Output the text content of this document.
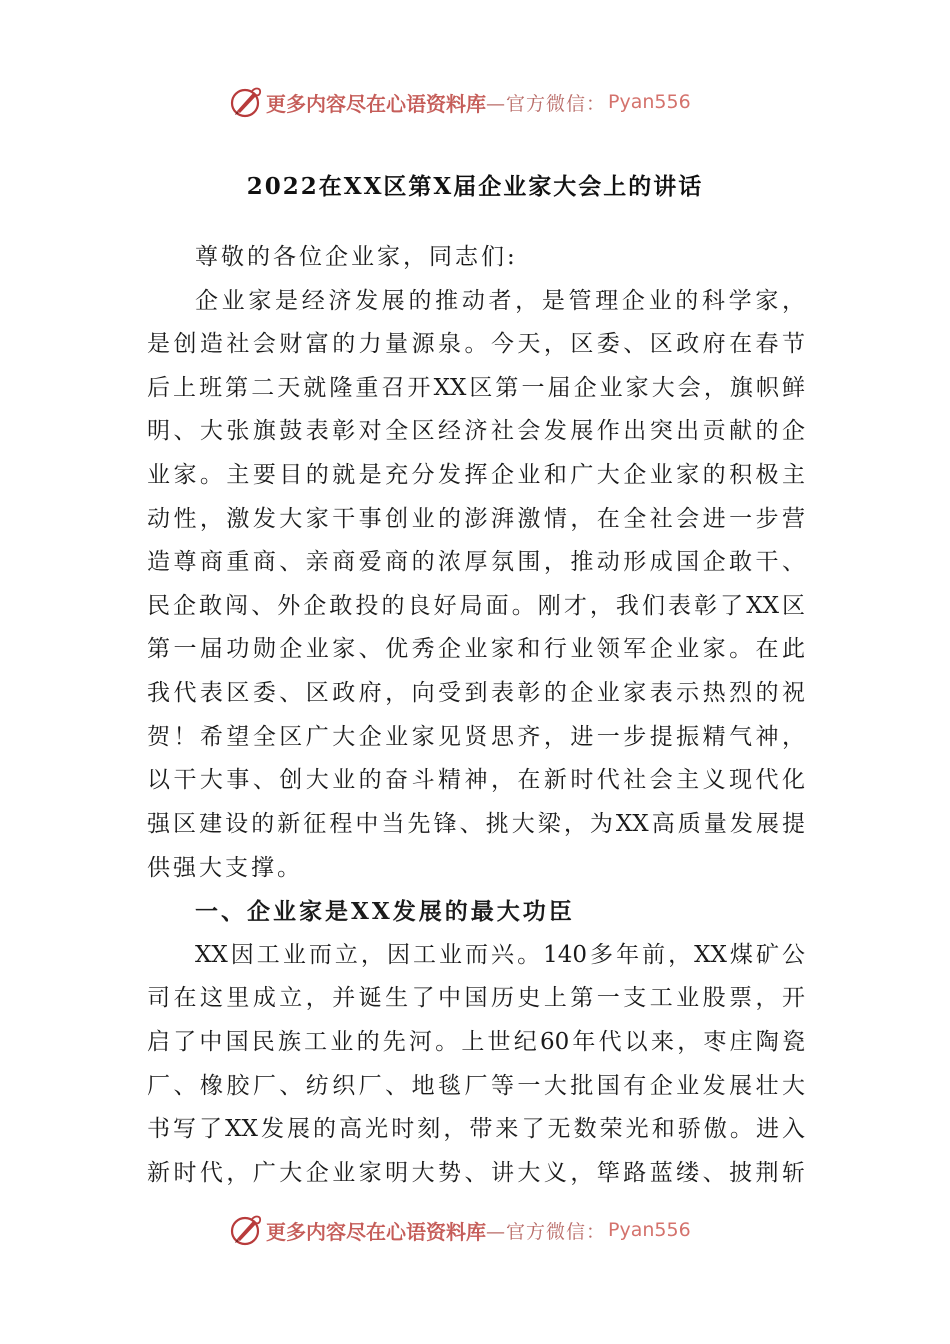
更多内容尽在心语资料库 —官方微信： Pyan556
2022在XX区第X届企业家大会上的讲话
尊敬的各位企业家，同志们:
企业家是经济发展的推动者，是管理企业的科学家，
是创造社会财富的力量源泉。今天，区委、区政府在春节
后上班第二天就隆重召开XX区第一届企业家大会，旗帜鲜
明、大张旗鼓表彰对全区经济社会发展作出突出贡献的企
业家。主要目的就是充分发挥企业和广大企业家的积极主
动性，激发大家干事创业的澎湃激情，在全社会进一步营
造尊商重商、亲商爱商的浓厚氛围，推动形成国企敢干、
民企敢闯、外企敢投的良好局面。刚才，我们表彰了XX区
第一届功勋企业家、优秀企业家和行业领军企业家。在此
我代表区委、区政府，向受到表彰的企业家表示热烈的祝
贺！希望全区广大企业家见贤思齐，进一步提振精气神，
以干大事、创大业的奋斗精神，在新时代社会主义现代化
强区建设的新征程中当先锋、挑大梁，为XX高质量发展提
供强大支撑。
一、企业家是XX发展的最大功臣
XX因工业而立，因工业而兴。140多年前，XX煤矿公
司在这里成立，并诞生了中国历史上第一支工业股票，开
启了中国民族工业的先河。上世纪60年代以来，枣庄陶瓷
厂、橡胶厂、纺织厂、地毯厂等一大批国有企业发展壮大
书写了XX发展的高光时刻，带来了无数荣光和骄傲。进入
新时代，广大企业家明大势、讲大义，筚路蓝缕、披荆斩
更多内容尽在心语资料库 —官方微信： Pyan556
